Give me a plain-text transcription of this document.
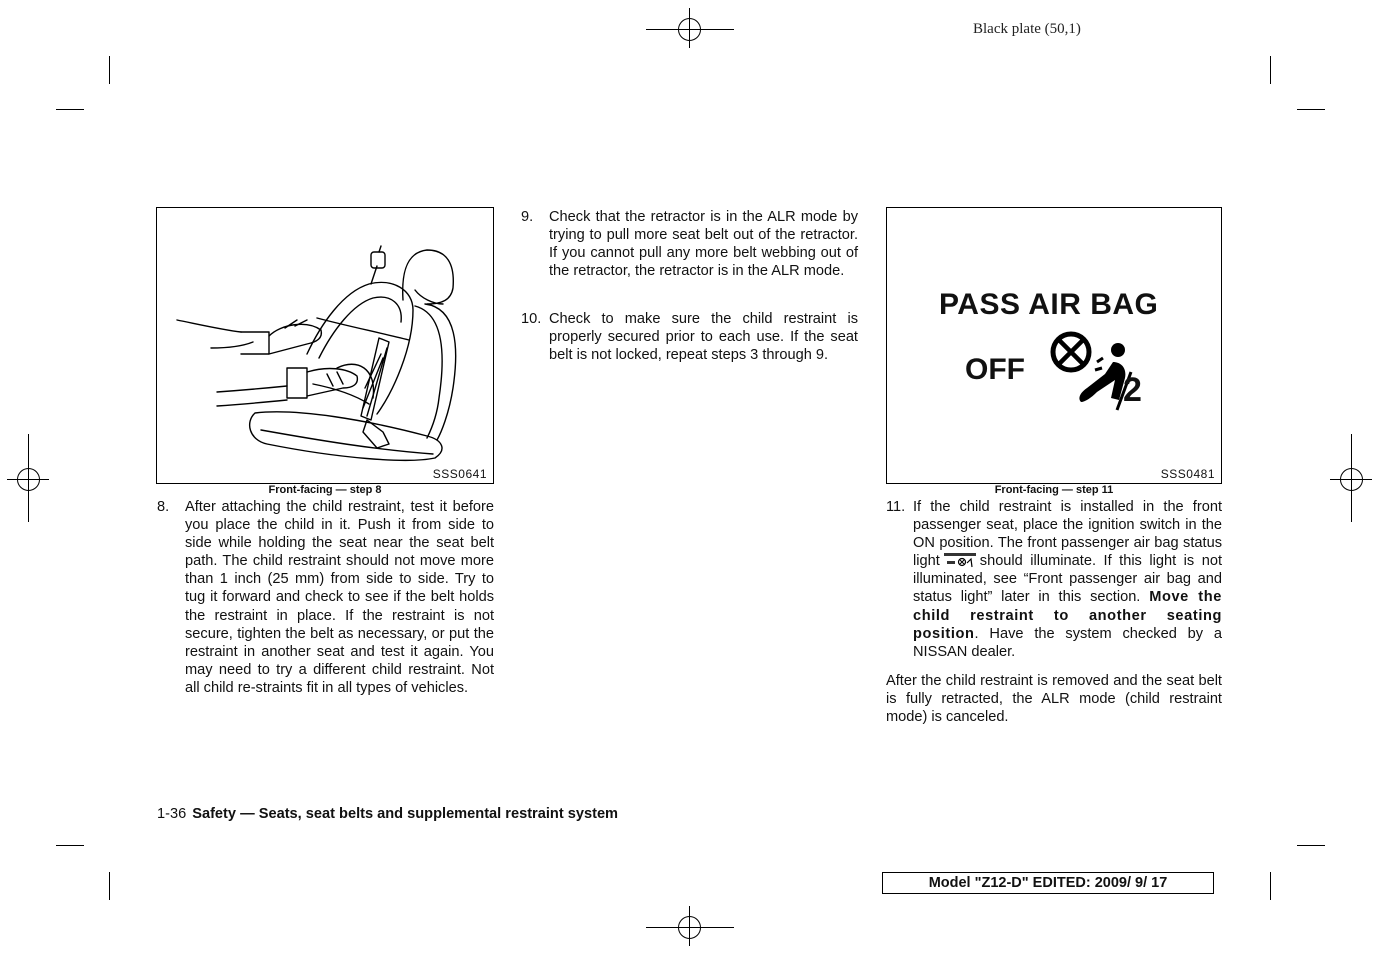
Black plate (50,1)
SSS0641
Front-facing — step 8
8. After attaching the child restraint, test it before you place the child in it. Push it from side to side while holding the seat near the seat belt path. The child restraint should not move more than 1 inch (25 mm) from side to side. Try to tug it forward and check to see if the belt holds the restraint in place. If the restraint is not secure, tighten the belt as necessary, or put the restraint in another seat and test it again. You may need to try a different child restraint. Not all child re-straints fit in all types of vehicles.
9. Check that the retractor is in the ALR mode by trying to pull more seat belt out of the retractor. If you cannot pull any more belt webbing out of the retractor, the retractor is in the ALR mode.
10. Check to make sure the child restraint is properly secured prior to each use. If the seat belt is not locked, repeat steps 3 through 9.
PASS AIR BAG
OFF
2
SSS0481
Front-facing — step 11
11. If the child restraint is installed in the front passenger seat, place the ignition switch in the ON position. The front passenger air bag status light	should illuminate. If this light is not illuminated, see “Front passenger air bag and status light” later in this section. Move the child restraint to another seating position. Have the system checked by a NISSAN dealer.
After the child restraint is removed and the seat belt is fully retracted, the ALR mode (child restraint mode) is canceled.
1-36 Safety — Seats, seat belts and supplemental restraint system
Model "Z12-D" EDITED: 2009/ 9/ 17
